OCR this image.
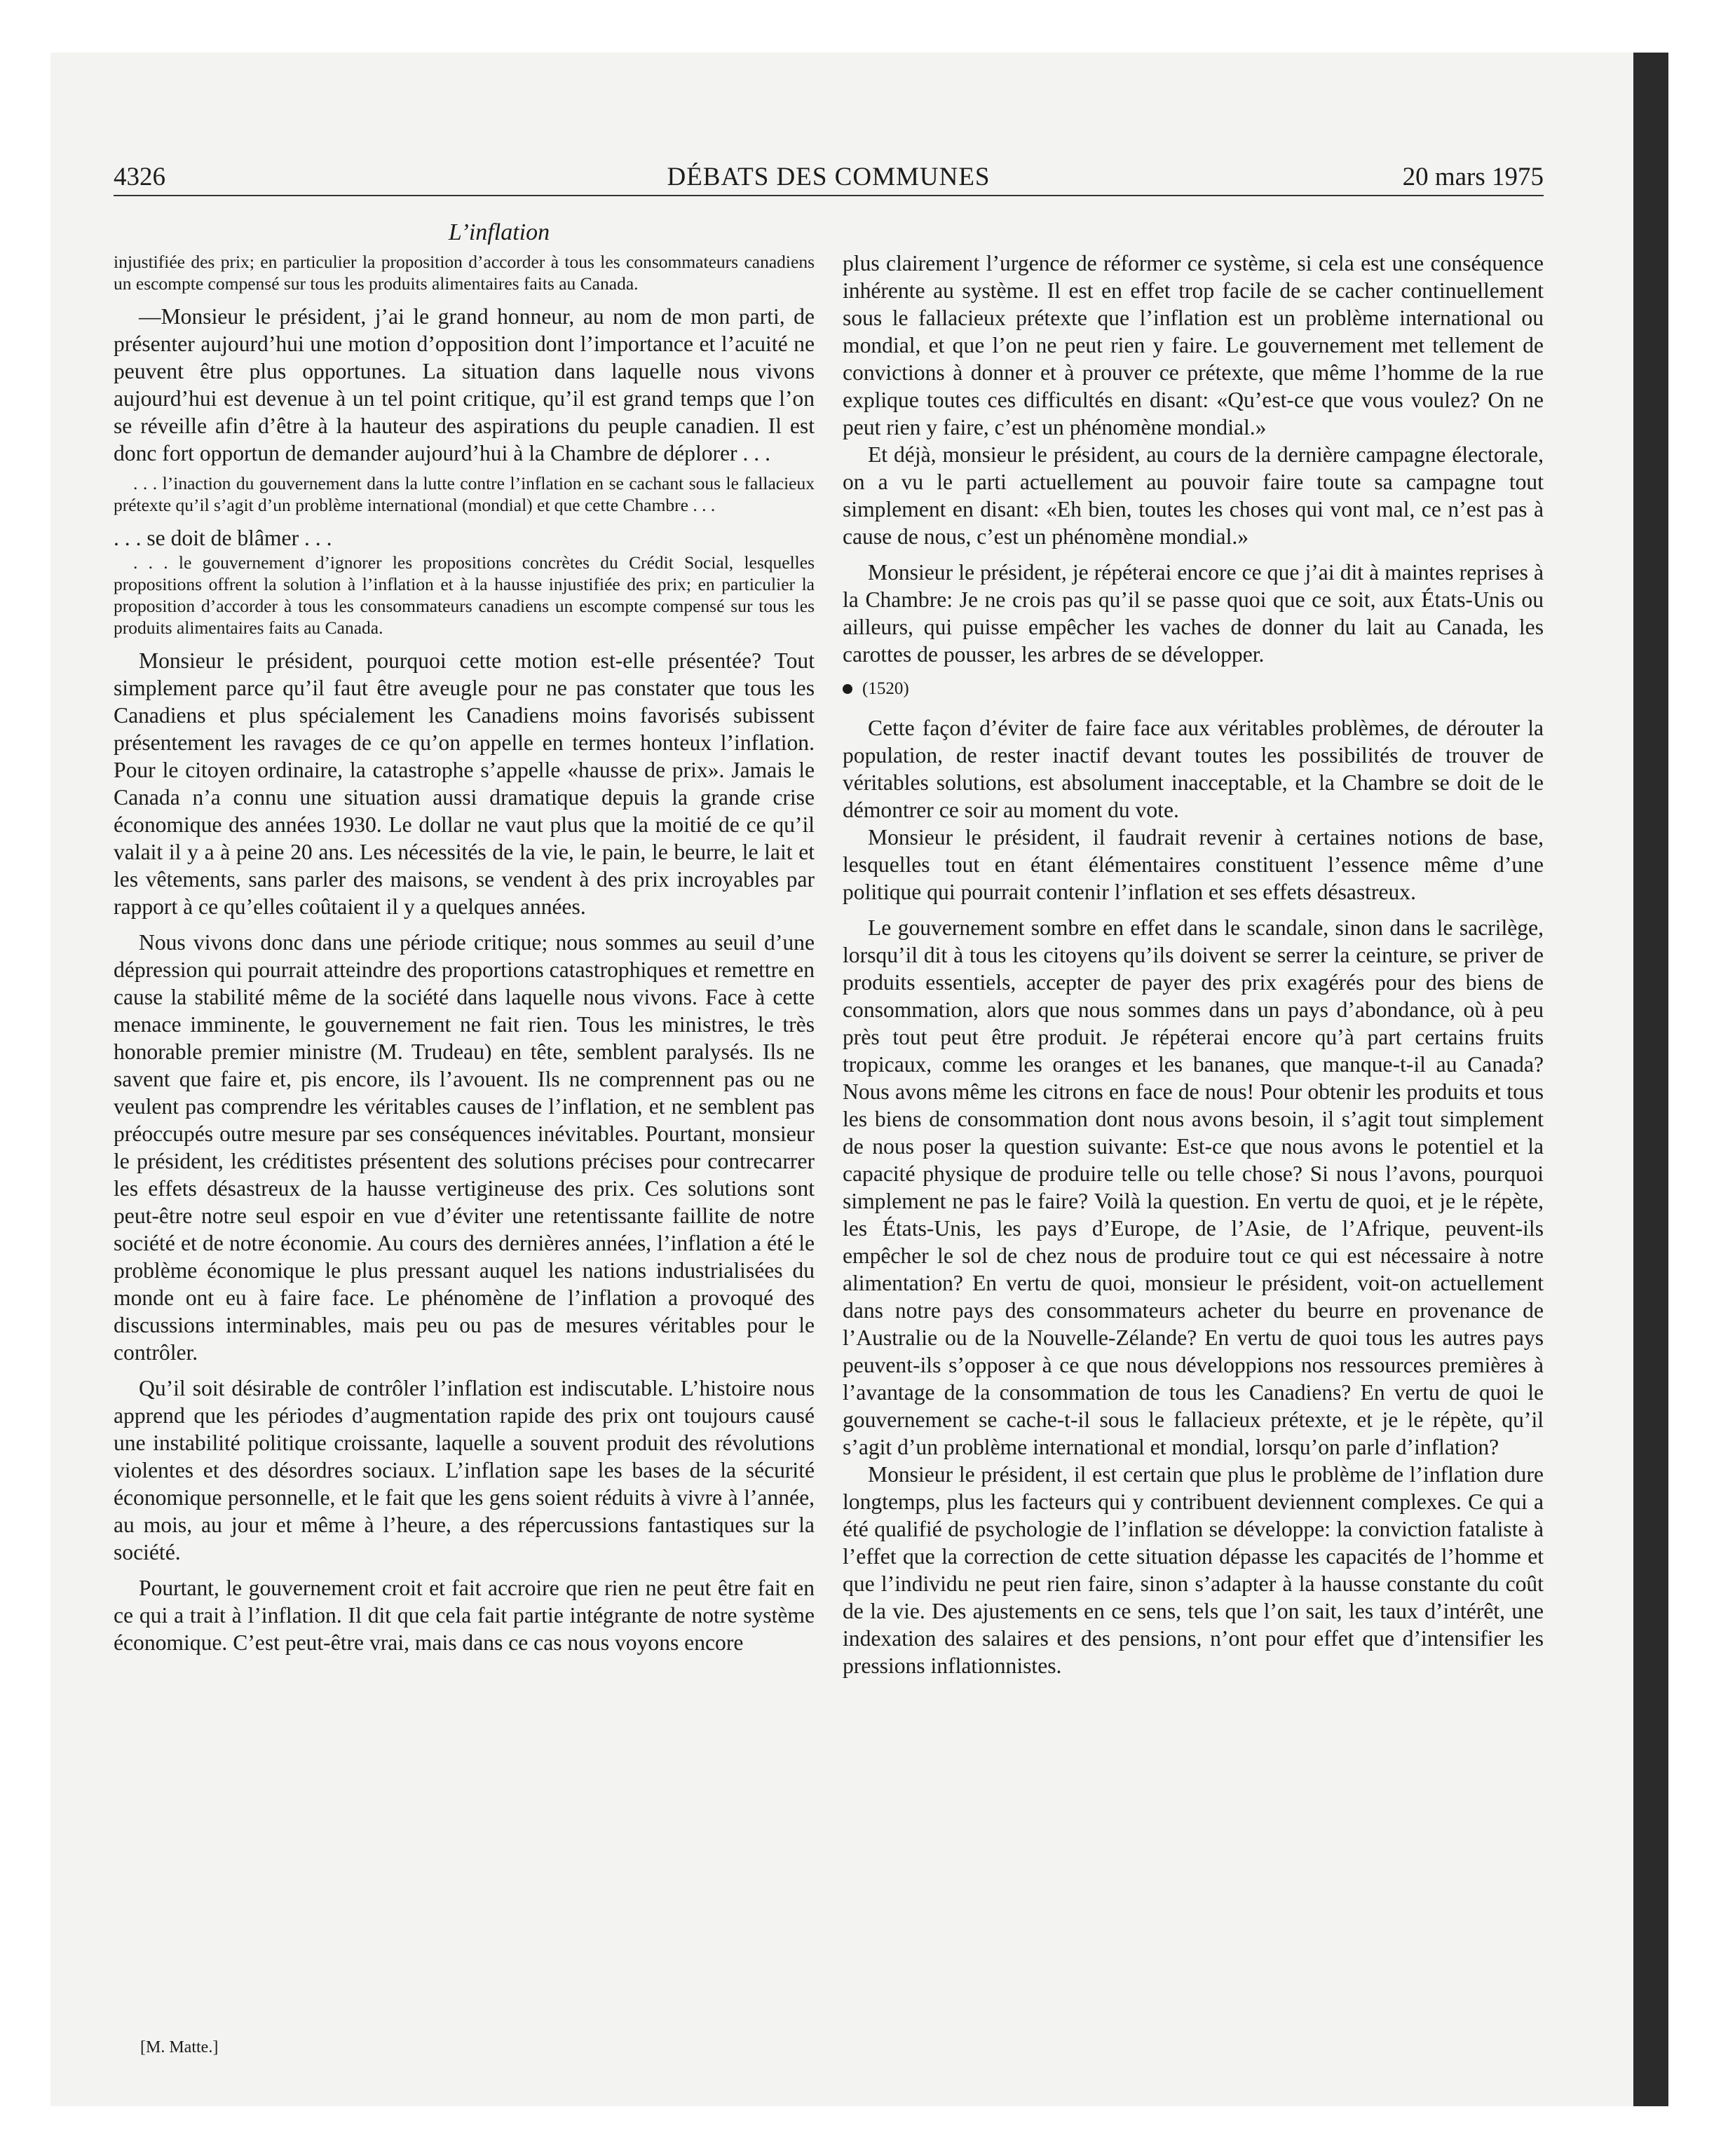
4326	DÉBATS DES COMMUNES	20 mars 1975
L’inflation

injustifiée des prix; en particulier la proposition d’accorder à tous les consommateurs canadiens un escompte compensé sur tous les produits alimentaires faits au Canada.

—Monsieur le président, j’ai le grand honneur, au nom de mon parti, de présenter aujourd’hui une motion d’opposition dont l’importance et l’acuité ne peuvent être plus opportunes. La situation dans laquelle nous vivons aujourd’hui est devenue à un tel point critique, qu’il est grand temps que l’on se réveille afin d’être à la hauteur des aspirations du peuple canadien. Il est donc fort opportun de demander aujourd’hui à la Chambre de déplorer . . .

. . . l’inaction du gouvernement dans la lutte contre l’inflation en se cachant sous le fallacieux prétexte qu’il s’agit d’un problème international (mondial) et que cette Chambre . . .

. . . se doit de blâmer . . .

. . . le gouvernement d’ignorer les propositions concrètes du Crédit Social, lesquelles propositions offrent la solution à l’inflation et à la hausse injustifiée des prix; en particulier la proposition d’accorder à tous les consommateurs canadiens un escompte compensé sur tous les produits alimentaires faits au Canada.

Monsieur le président, pourquoi cette motion est-elle présentée? Tout simplement parce qu’il faut être aveugle pour ne pas constater que tous les Canadiens et plus spécialement les Canadiens moins favorisés subissent présentement les ravages de ce qu’on appelle en termes honteux l’inflation. Pour le citoyen ordinaire, la catastrophe s’appelle «hausse de prix». Jamais le Canada n’a connu une situation aussi dramatique depuis la grande crise économique des années 1930. Le dollar ne vaut plus que la moitié de ce qu’il valait il y a à peine 20 ans. Les nécessités de la vie, le pain, le beurre, le lait et les vêtements, sans parler des maisons, se vendent à des prix incroyables par rapport à ce qu’elles coûtaient il y a quelques années.

Nous vivons donc dans une période critique; nous sommes au seuil d’une dépression qui pourrait atteindre des proportions catastrophiques et remettre en cause la stabilité même de la société dans laquelle nous vivons. Face à cette menace imminente, le gouvernement ne fait rien. Tous les ministres, le très honorable premier ministre (M. Trudeau) en tête, semblent paralysés. Ils ne savent que faire et, pis encore, ils l’avouent. Ils ne comprennent pas ou ne veulent pas comprendre les véritables causes de l’inflation, et ne semblent pas préoccupés outre mesure par ses conséquences inévitables. Pourtant, monsieur le président, les créditistes présentent des solutions précises pour contrecarrer les effets désastreux de la hausse vertigineuse des prix. Ces solutions sont peut-être notre seul espoir en vue d’éviter une retentissante faillite de notre société et de notre économie. Au cours des dernières années, l’inflation a été le problème économique le plus pressant auquel les nations industrialisées du monde ont eu à faire face. Le phénomène de l’inflation a provoqué des discussions interminables, mais peu ou pas de mesures véritables pour le contrôler.

Qu’il soit désirable de contrôler l’inflation est indiscutable. L’histoire nous apprend que les périodes d’augmentation rapide des prix ont toujours causé une instabilité politique croissante, laquelle a souvent produit des révolutions violentes et des désordres sociaux. L’inflation sape les bases de la sécurité économique personnelle, et le fait que les gens soient réduits à vivre à l’année, au mois, au jour et même à l’heure, a des répercussions fantastiques sur la société.

Pourtant, le gouvernement croit et fait accroire que rien ne peut être fait en ce qui a trait à l’inflation. Il dit que cela fait partie intégrante de notre système économique. C’est peut-être vrai, mais dans ce cas nous voyons encore

plus clairement l’urgence de réformer ce système, si cela est une conséquence inhérente au système. Il est en effet trop facile de se cacher continuellement sous le fallacieux prétexte que l’inflation est un problème international ou mondial, et que l’on ne peut rien y faire. Le gouvernement met tellement de convictions à donner et à prouver ce prétexte, que même l’homme de la rue explique toutes ces difficultés en disant: «Qu’est-ce que vous voulez? On ne peut rien y faire, c’est un phénomène mondial.»

Et déjà, monsieur le président, au cours de la dernière campagne électorale, on a vu le parti actuellement au pouvoir faire toute sa campagne tout simplement en disant: «Eh bien, toutes les choses qui vont mal, ce n’est pas à cause de nous, c’est un phénomène mondial.»

Monsieur le président, je répéterai encore ce que j’ai dit à maintes reprises à la Chambre: Je ne crois pas qu’il se passe quoi que ce soit, aux États-Unis ou ailleurs, qui puisse empêcher les vaches de donner du lait au Canada, les carottes de pousser, les arbres de se développer.

(1520)

Cette façon d’éviter de faire face aux véritables problèmes, de dérouter la population, de rester inactif devant toutes les possibilités de trouver de véritables solutions, est absolument inacceptable, et la Chambre se doit de le démontrer ce soir au moment du vote.

Monsieur le président, il faudrait revenir à certaines notions de base, lesquelles tout en étant élémentaires constituent l’essence même d’une politique qui pourrait contenir l’inflation et ses effets désastreux.

Le gouvernement sombre en effet dans le scandale, sinon dans le sacrilège, lorsqu’il dit à tous les citoyens qu’ils doivent se serrer la ceinture, se priver de produits essentiels, accepter de payer des prix exagérés pour des biens de consommation, alors que nous sommes dans un pays d’abondance, où à peu près tout peut être produit. Je répéterai encore qu’à part certains fruits tropicaux, comme les oranges et les bananes, que manque-t-il au Canada? Nous avons même les citrons en face de nous! Pour obtenir les produits et tous les biens de consommation dont nous avons besoin, il s’agit tout simplement de nous poser la question suivante: Est-ce que nous avons le potentiel et la capacité physique de produire telle ou telle chose? Si nous l’avons, pourquoi simplement ne pas le faire? Voilà la question. En vertu de quoi, et je le répète, les États-Unis, les pays d’Europe, de l’Asie, de l’Afrique, peuvent-ils empêcher le sol de chez nous de produire tout ce qui est nécessaire à notre alimentation? En vertu de quoi, monsieur le président, voit-on actuellement dans notre pays des consommateurs acheter du beurre en provenance de l’Australie ou de la Nouvelle-Zélande? En vertu de quoi tous les autres pays peuvent-ils s’opposer à ce que nous développions nos ressources premières à l’avantage de la consommation de tous les Canadiens? En vertu de quoi le gouvernement se cache-t-il sous le fallacieux prétexte, et je le répète, qu’il s’agit d’un problème international et mondial, lorsqu’on parle d’inflation?

Monsieur le président, il est certain que plus le problème de l’inflation dure longtemps, plus les facteurs qui y contribuent deviennent complexes. Ce qui a été qualifié de psychologie de l’inflation se développe: la conviction fataliste à l’effet que la correction de cette situation dépasse les capacités de l’homme et que l’individu ne peut rien faire, sinon s’adapter à la hausse constante du coût de la vie. Des ajustements en ce sens, tels que l’on sait, les taux d’intérêt, une indexation des salaires et des pensions, n’ont pour effet que d’intensifier les pressions inflationnistes.

[M. Matte.]
